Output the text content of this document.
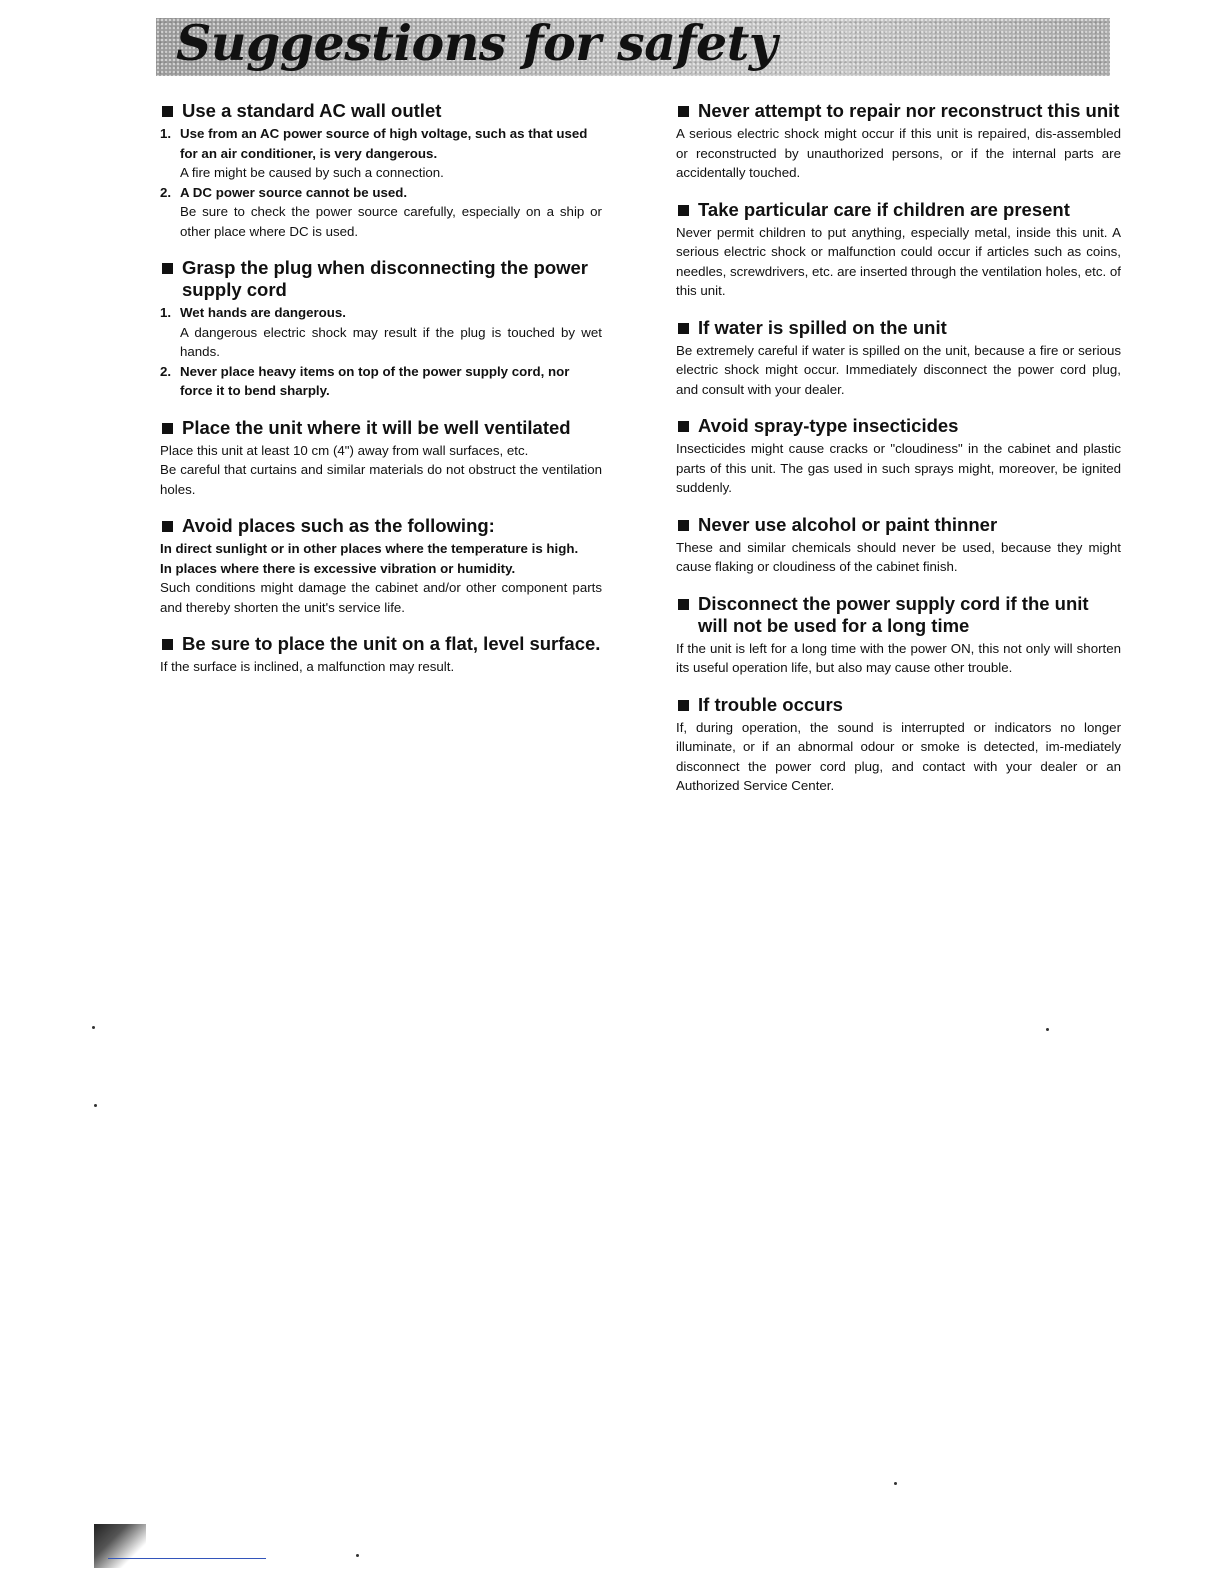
Suggestions for safety
Use a standard AC wall outlet
1. Use from an AC power source of high voltage, such as that used for an air conditioner, is very dangerous.
A fire might be caused by such a connection.
2. A DC power source cannot be used.
Be sure to check the power source carefully, especially on a ship or other place where DC is used.
Grasp the plug when disconnecting the power supply cord
1. Wet hands are dangerous.
A dangerous electric shock may result if the plug is touched by wet hands.
2. Never place heavy items on top of the power supply cord, nor force it to bend sharply.
Place the unit where it will be well ventilated
Place this unit at least 10 cm (4") away from wall surfaces, etc.
Be careful that curtains and similar materials do not obstruct the ventilation holes.
Avoid places such as the following:
In direct sunlight or in other places where the temperature is high.
In places where there is excessive vibration or humidity.
Such conditions might damage the cabinet and/or other component parts and thereby shorten the unit's service life.
Be sure to place the unit on a flat, level surface.
If the surface is inclined, a malfunction may result.
Never attempt to repair nor reconstruct this unit
A serious electric shock might occur if this unit is repaired, dis-assembled or reconstructed by unauthorized persons, or if the internal parts are accidentally touched.
Take particular care if children are present
Never permit children to put anything, especially metal, inside this unit. A serious electric shock or malfunction could occur if articles such as coins, needles, screwdrivers, etc. are inserted through the ventilation holes, etc. of this unit.
If water is spilled on the unit
Be extremely careful if water is spilled on the unit, because a fire or serious electric shock might occur. Immediately disconnect the power cord plug, and consult with your dealer.
Avoid spray-type insecticides
Insecticides might cause cracks or "cloudiness" in the cabinet and plastic parts of this unit. The gas used in such sprays might, moreover, be ignited suddenly.
Never use alcohol or paint thinner
These and similar chemicals should never be used, because they might cause flaking or cloudiness of the cabinet finish.
Disconnect the power supply cord if the unit will not be used for a long time
If the unit is left for a long time with the power ON, this not only will shorten its useful operation life, but also may cause other trouble.
If trouble occurs
If, during operation, the sound is interrupted or indicators no longer illuminate, or if an abnormal odour or smoke is detected, im-mediately disconnect the power cord plug, and contact with your dealer or an Authorized Service Center.
